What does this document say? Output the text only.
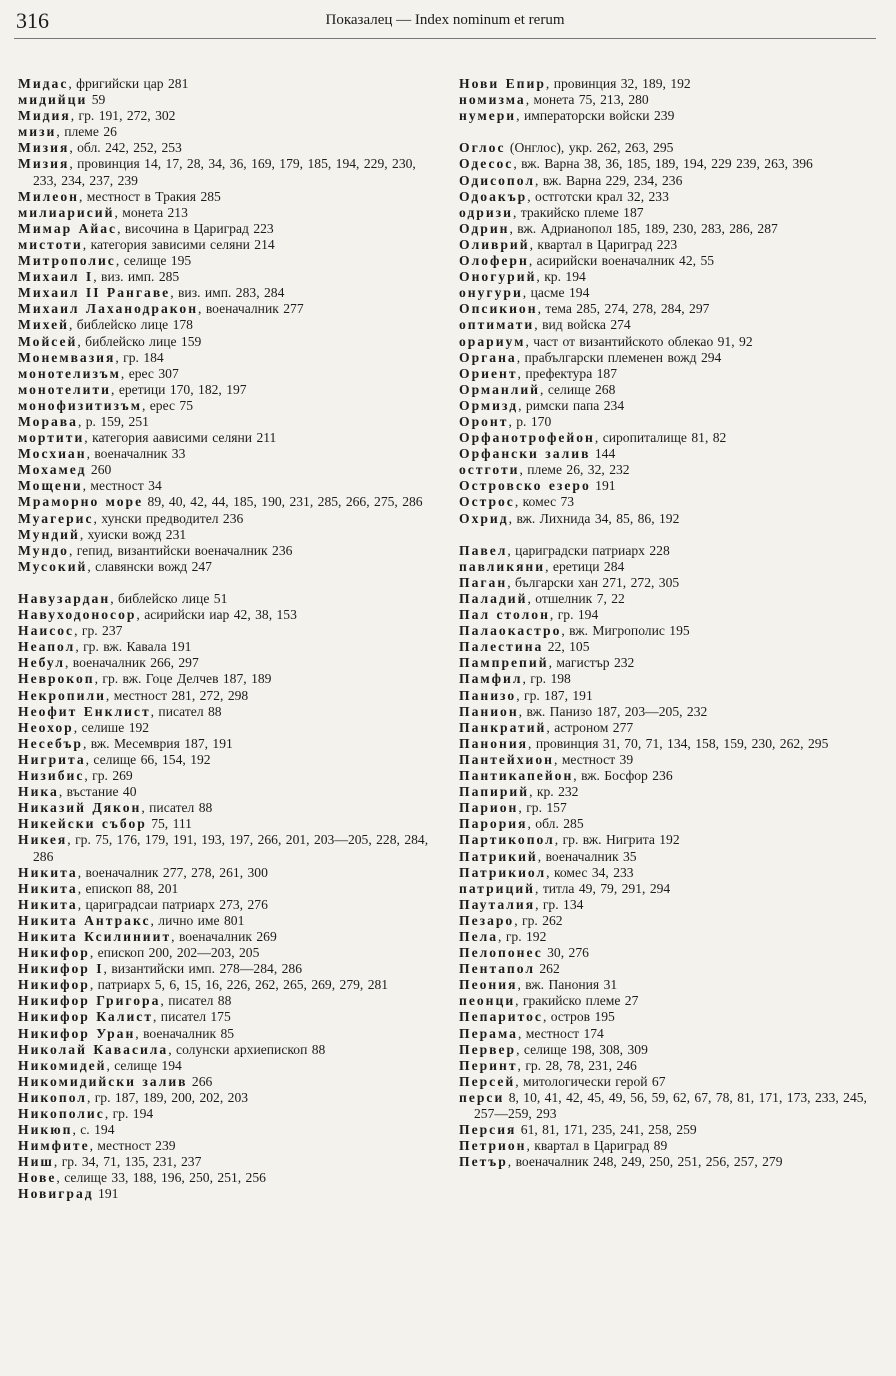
316	Показалец — Index nominum et rerum
Мидас, фригийски цар 281
мидийци 59
Мидия, гр. 191, 272, 302
мизи, племе 26
Мизия, обл. 242, 252, 253
Мизия, провинция 14, 17, 28, 34, 36, 169, 179, 185, 194, 229, 230, 233, 234, 237, 239
Милеон, местност в Тракия 285
милиарисий, монета 213
Мимар Айас, височина в Цариград 223
мистоти, категория зависими селяни 214
Митрополис, селище 195
Михаил I, виз. имп. 285
Михаил II Рангаве, виз. имп. 283, 284
Михаил Лаханодракон, военачалник 277
Михей, библейско лице 178
Мойсей, библейско лице 159
Монемвазия, гр. 184
монотелизъм, ерес 307
монотелити, еретици 170, 182, 197
монофизитизъм, ерес 75
Морава, р. 159, 251
мортити, категория аависими селяни 211
Мосхиан, военачалник 33
Мохамед 260
Мощени, местност 34
Мраморно море 89, 40, 42, 44, 185, 190, 231, 285, 266, 275, 286
Муагерис, хунски предводител 236
Мундий, хуиски вожд 231
Мундо, гепид, византийски военачалник 236
Мусокий, славянски вожд 247
Навузардан, библейско лице 51
Навуходоносор, асирийски иар 42, 38, 153
Наисос, гр. 237
Неапол, гр. вж. Кавала 191
Небул, военачалник 266, 297
Неврокоп, гр. вж. Гоце Делчев 187, 189
Некропили, местност 281, 272, 298
Неофит Енклист, писател 88
Неохор, селише 192
Несебър, вж. Месемврия 187, 191
Нигрита, селище 66, 154, 192
Низибис, гр. 269
Ника, въстание 40
Никазий Дякон, писател 88
Никейски събор 75, 111
Никея, гр. 75, 176, 179, 191, 193, 197, 266, 201, 203—205, 228, 284, 286
Никита, военачалник 277, 278, 261, 300
Никита, епископ 88, 201
Никита, цариградсаи патриарх 273, 276
Никита Антракс, лично име 801
Никита Ксилиниит, военачалник 269
Никифор, епископ 200, 202—203, 205
Никифор I, византийски имп. 278—284, 286
Никифор, патриарх 5, 6, 15, 16, 226, 262, 265, 269, 279, 281
Никифор Григора, писател 88
Никифор Калист, писател 175
Никифор Уран, военачалник 85
Николай Кавасила, солунски архиепископ 88
Никомидей, селище 194
Никомидийски залив 266
Никопол, гр. 187, 189, 200, 202, 203
Никополис, гр. 194
Никюп, с. 194
Нимфите, местност 239
Ниш, гр. 34, 71, 135, 231, 237
Нове, селище 33, 188, 196, 250, 251, 256
Новиград 191
Нови Епир, провинция 32, 189, 192
номизма, монета 75, 213, 280
нумери, императорски войски 239
Оглос (Онглос), укр. 262, 263, 295
Одесос, вж. Варна 38, 36, 185, 189, 194, 229 239, 263, 396
Одисопол, вж. Варна 229, 234, 236
Одоакър, остготски крал 32, 233
одризи, тракийско племе 187
Одрин, вж. Адрианопол 185, 189, 230, 283, 286, 287
Оливрий, квартал в Цариград 223
Олоферн, асирийски военачалник 42, 55
Оногурий, кр. 194
онугури, цасме 194
Опсикион, тема 285, 274, 278, 284, 297
оптимати, вид войска 274
орариум, част от византийското облекао 91, 92
Органа, прабългарски племенен вожд 294
Ориент, префектура 187
Орманлий, селище 268
Ормизд, римски папа 234
Оронт, р. 170
Орфанотрофейон, сиропиталище 81, 82
Орфански залив 144
остготи, племе 26, 32, 232
Островско езеро 191
Острос, комес 73
Охрид, вж. Лихнида 34, 85, 86, 192
Павел, цариградски патриарх 228
павликяни, еретици 284
Паган, български хан 271, 272, 305
Паладий, отшелник 7, 22
Пал столон, гр. 194
Палaокастро, вж. Мигрополис 195
Палeстина 22, 105
Пампрепий, магистър 232
Памфил, гр. 198
Панизо, гр. 187, 191
Панион, вж. Панизо 187, 203—205, 232
Панкратий, астроном 277
Панония, провинция 31, 70, 71, 134, 158, 159, 230, 262, 295
Пантейхион, местност 39
Пантикапейон, вж. Босфор 236
Папирий, кр. 232
Парион, гр. 157
Парория, обл. 285
Партикопол, гр. вж. Нигрита 192
Патрикий, военачалник 35
Патрикиол, комес 34, 233
патриций, титла 49, 79, 291, 294
Пауталия, гр. 134
Пезаро, гр. 262
Пела, гр. 192
Пелопонес 30, 276
Пентапол 262
Пеония, вж. Панония 31
пеонци, гракийско племе 27
Пепаритос, остров 195
Перама, местност 174
Первер, селище 198, 308, 309
Перинт, гр. 28, 78, 231, 246
Персей, митологически герой 67
перси 8, 10, 41, 42, 45, 49, 56, 59, 62, 67, 78, 81, 171, 173, 233, 245, 257—259, 293
Персия 61, 81, 171, 235, 241, 258, 259
Петрион, квартал в Цариград 89
Петър, военачалник 248, 249, 250, 251, 256, 257, 279
